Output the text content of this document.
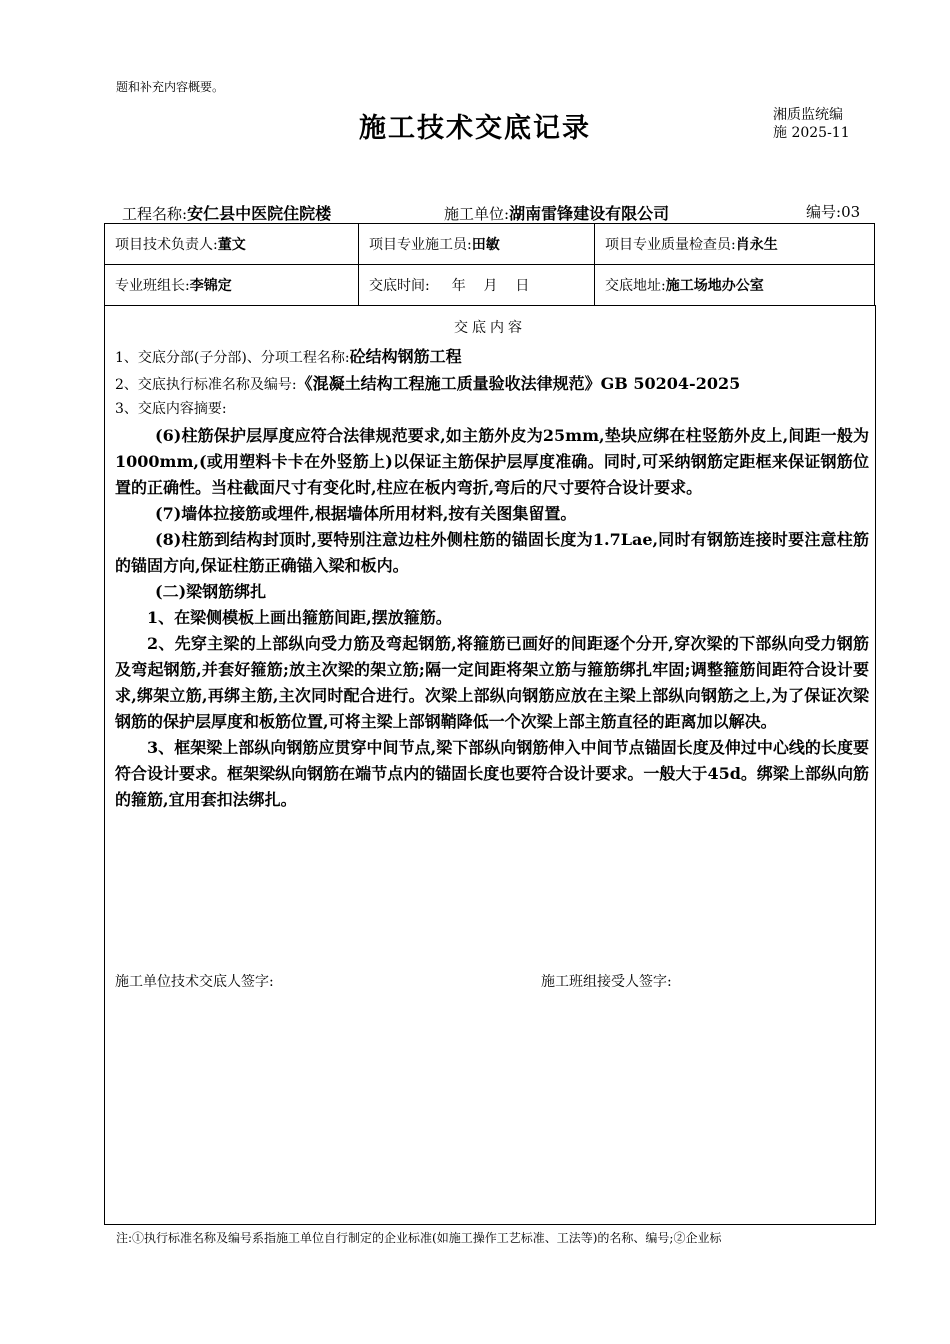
题和补充内容概要。
施工技术交底记录	湘质监统编
施 2025-11
工程名称:安仁县中医院住院楼	施工单位:湖南雷锋建设有限公司	编号:03
项目技术负责人:董文	项目专业施工员:田敏	项目专业质量检查员:肖永生
专业班组长:李锦定	交底时间: 年    月    日	交底地址:施工场地办公室
交底内容
1、交底分部(子分部)、分项工程名称:砼结构钢筋工程
2、交底执行标准名称及编号:《混凝土结构工程施工质量验收法律规范》GB 50204-2025
3、交底内容摘要:

(6)柱筋保护层厚度应符合法律规范要求,如主筋外皮为25mm,垫块应绑在柱竖筋外皮上,间距一般为1000mm,(或用塑料卡卡在外竖筋上)以保证主筋保护层厚度准确。同时,可采纳钢筋定距框来保证钢筋位置的正确性。当柱截面尺寸有变化时,柱应在板内弯折,弯后的尺寸要符合设计要求。

(7)墙体拉接筋或埋件,根据墙体所用材料,按有关图集留置。

(8)柱筋到结构封顶时,要特别注意边柱外侧柱筋的锚固长度为1.7Lae,同时有钢筋连接时要注意柱筋的锚固方向,保证柱筋正确锚入梁和板内。

(二)梁钢筋绑扎

1、在梁侧模板上画出箍筋间距,摆放箍筋。

2、先穿主梁的上部纵向受力筋及弯起钢筋,将箍筋已画好的间距逐个分开,穿次梁的下部纵向受力钢筋及弯起钢筋,并套好箍筋;放主次梁的架立筋;隔一定间距将架立筋与箍筋绑扎牢固;调整箍筋间距符合设计要求,绑架立筋,再绑主筋,主次同时配合进行。次梁上部纵向钢筋应放在主梁上部纵向钢筋之上,为了保证次梁钢筋的保护层厚度和板筋位置,可将主梁上部钢鞘降低一个次梁上部主筋直径的距离加以解决。

3、框架梁上部纵向钢筋应贯穿中间节点,梁下部纵向钢筋伸入中间节点锚固长度及伸过中心线的长度要符合设计要求。框架梁纵向钢筋在端节点内的锚固长度也要符合设计要求。一般大于45d。绑梁上部纵向筋的箍筋,宜用套扣法绑扎。

施工单位技术交底人签字:	施工班组接受人签字:
注:①执行标准名称及编号系指施工单位自行制定的企业标准(如施工操作工艺标准、工法等)的名称、编号;②企业标
